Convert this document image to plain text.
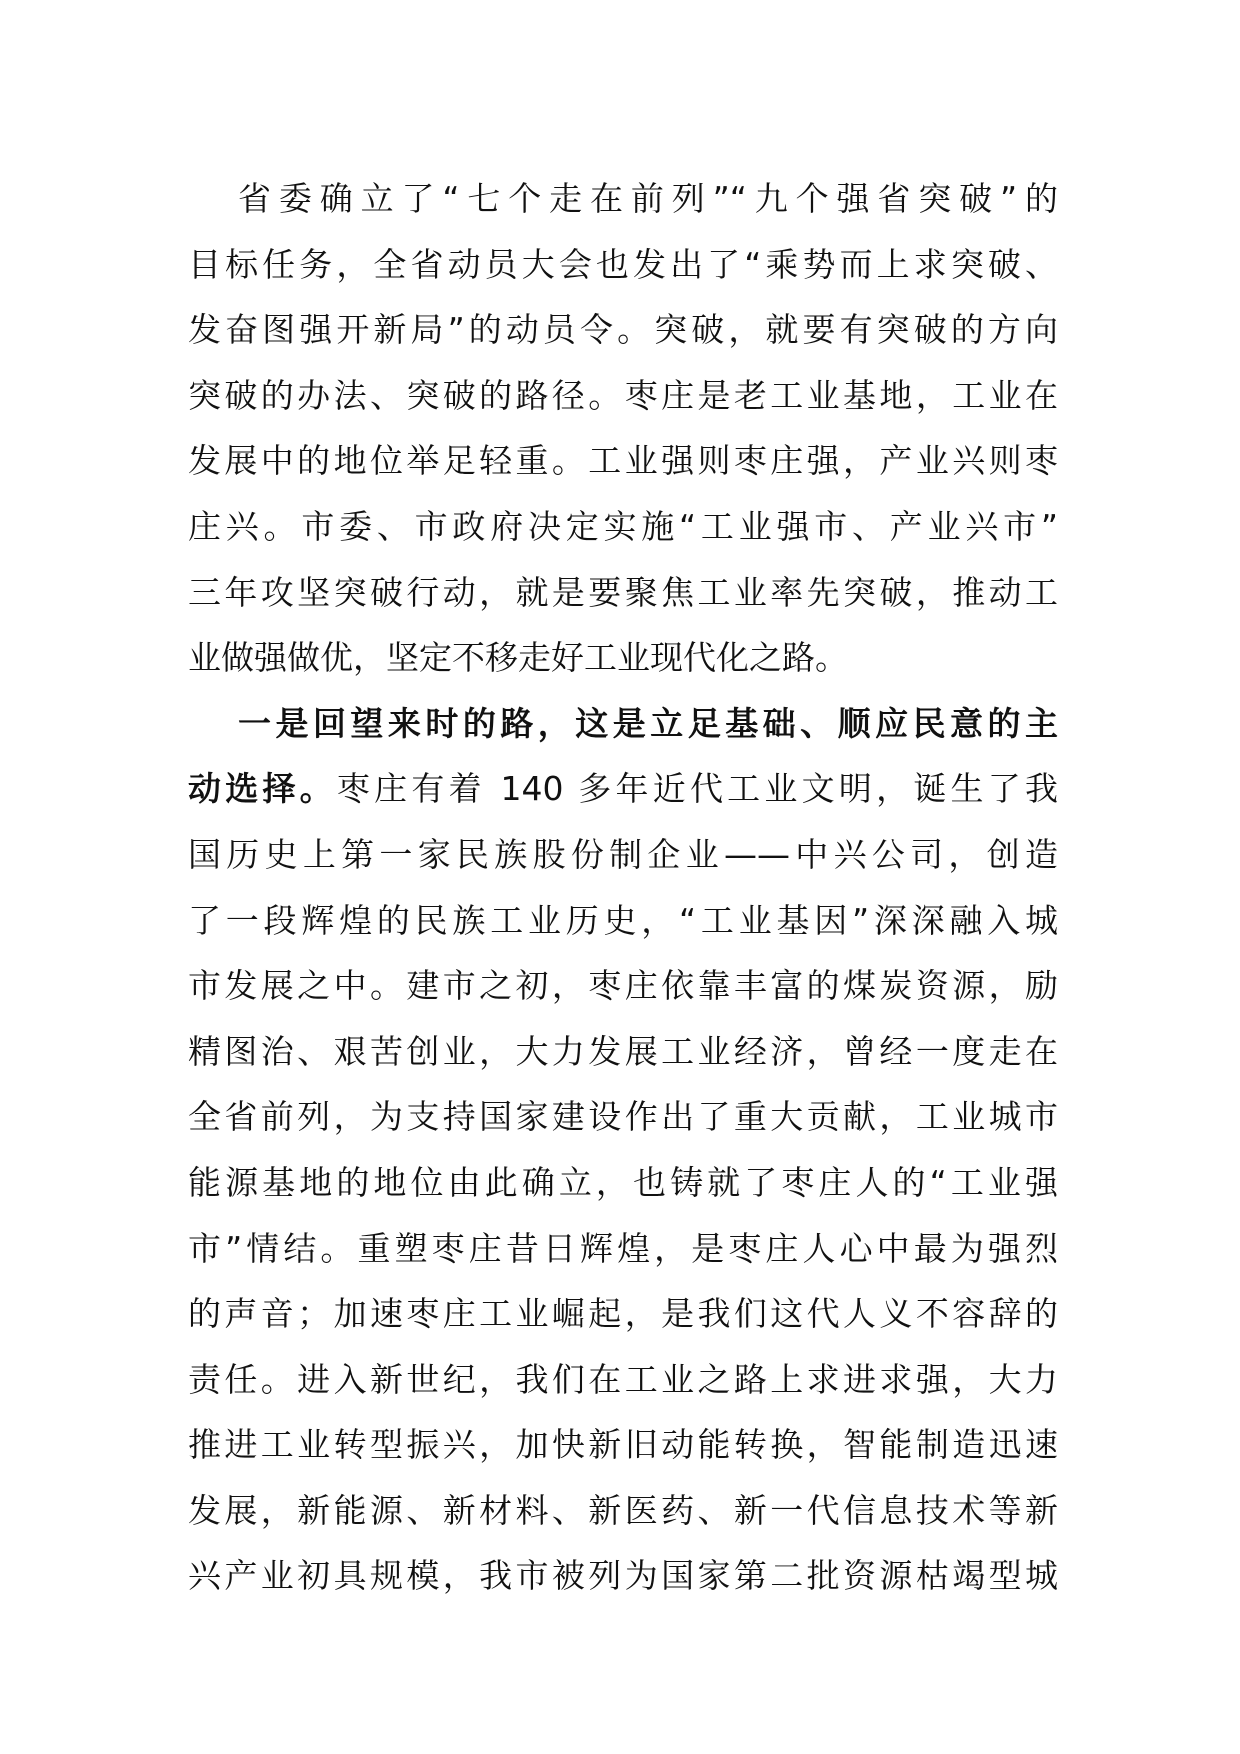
省委确立了“七个走在前列”“九个强省突破”的
目标任务，全省动员大会也发出了“乘势而上求突破、
发奋图强开新局”的动员令。突破，就要有突破的方向
突破的办法、突破的路径。枣庄是老工业基地，工业在
发展中的地位举足轻重。工业强则枣庄强，产业兴则枣
庄兴。市委、市政府决定实施“工业强市、产业兴市”
三年攻坚突破行动，就是要聚焦工业率先突破，推动工
业做强做优，坚定不移走好工业现代化之路。
一是回望来时的路，这是立足基础、顺应民意的主
动选择。枣庄有着 140 多年近代工业文明，诞生了我
国历史上第一家民族股份制企业——中兴公司，创造
了一段辉煌的民族工业历史，“工业基因”深深融入城
市发展之中。建市之初，枣庄依靠丰富的煤炭资源，励
精图治、艰苦创业，大力发展工业经济，曾经一度走在
全省前列，为支持国家建设作出了重大贡献，工业城市
能源基地的地位由此确立，也铸就了枣庄人的“工业强
市”情结。重塑枣庄昔日辉煌，是枣庄人心中最为强烈
的声音；加速枣庄工业崛起，是我们这代人义不容辞的
责任。进入新世纪，我们在工业之路上求进求强，大力
推进工业转型振兴，加快新旧动能转换，智能制造迅速
发展，新能源、新材料、新医药、新一代信息技术等新
兴产业初具规模，我市被列为国家第二批资源枯竭型城
